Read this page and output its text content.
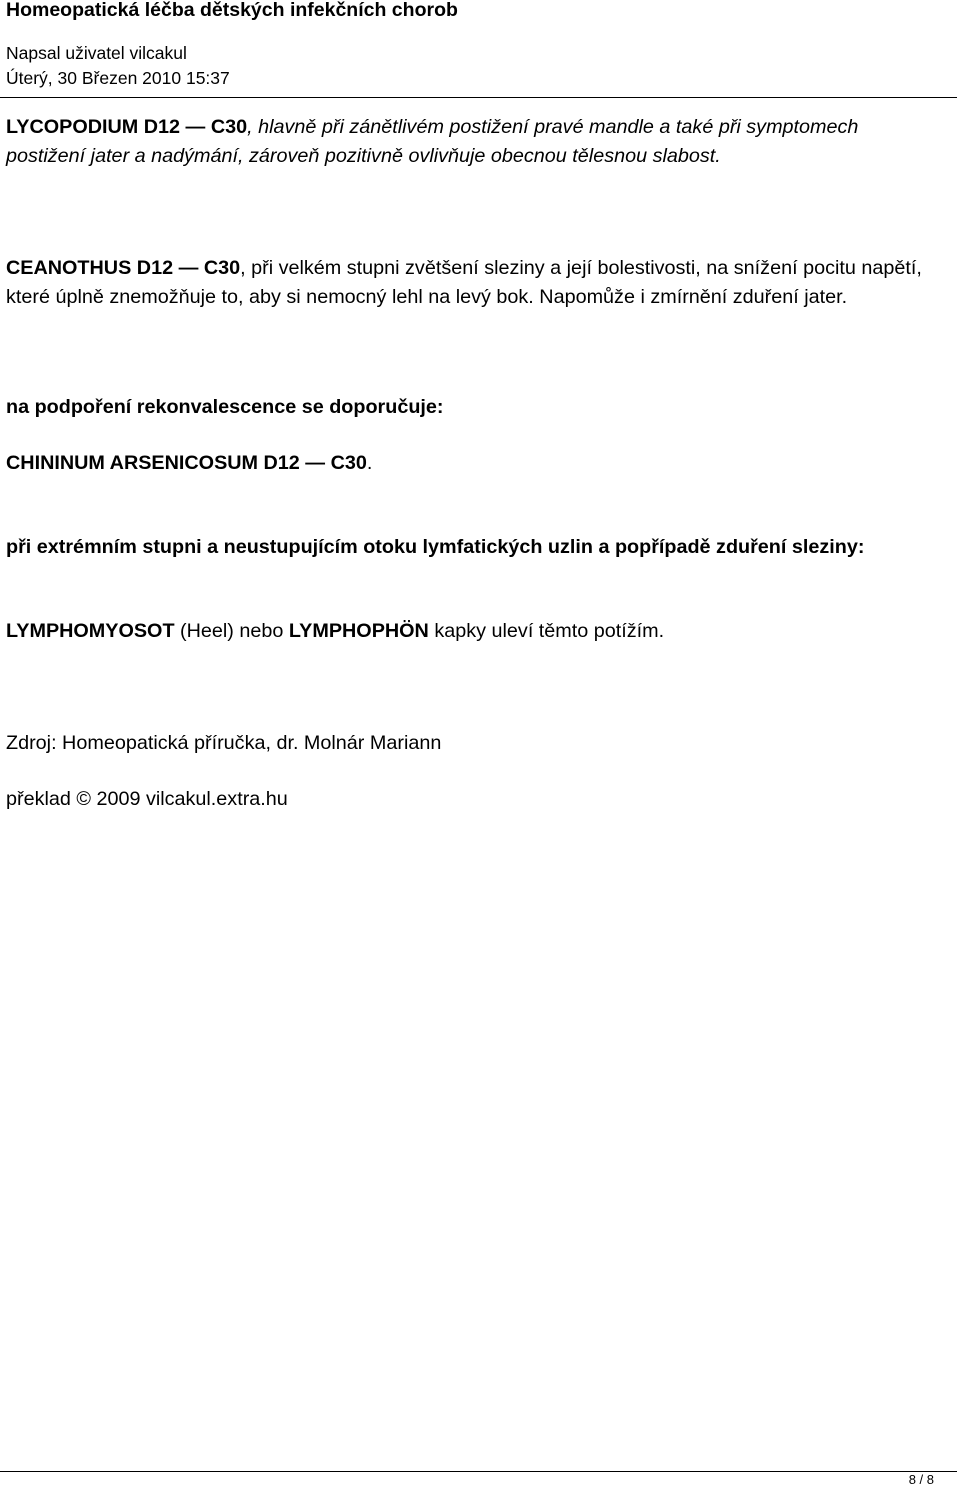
Homeopatická léčba dětských infekčních chorob
Napsal uživatel vilcakul
Úterý, 30 Březen 2010 15:37

LYCOPODIUM D12 — C30, hlavně při zánětlivém postižení pravé mandle a také při symptomech postižení jater a nadýmání, zároveň pozitivně ovlivňuje obecnou tělesnou slabost.

CEANOTHUS D12 — C30, při velkém stupni zvětšení sleziny a její bolestivosti, na snížení pocitu napětí, které úplně znemožňuje to, aby si nemocný lehl na levý bok. Napomůže i zmírnění zduření jater.

na podpoření rekonvalescence se doporučuje:

CHININUM ARSENICOSUM D12 — C30.

při extrémním stupni a neustupujícím otoku lymfatických uzlin a popřípadě zduření sleziny:

LYMPHOMYOSOT (Heel) nebo LYMPHOPHÖN kapky uleví těmto potížím.

Zdroj: Homeopatická příručka, dr. Molnár Mariann

překlad © 2009 vilcakul.extra.hu

8 / 8
